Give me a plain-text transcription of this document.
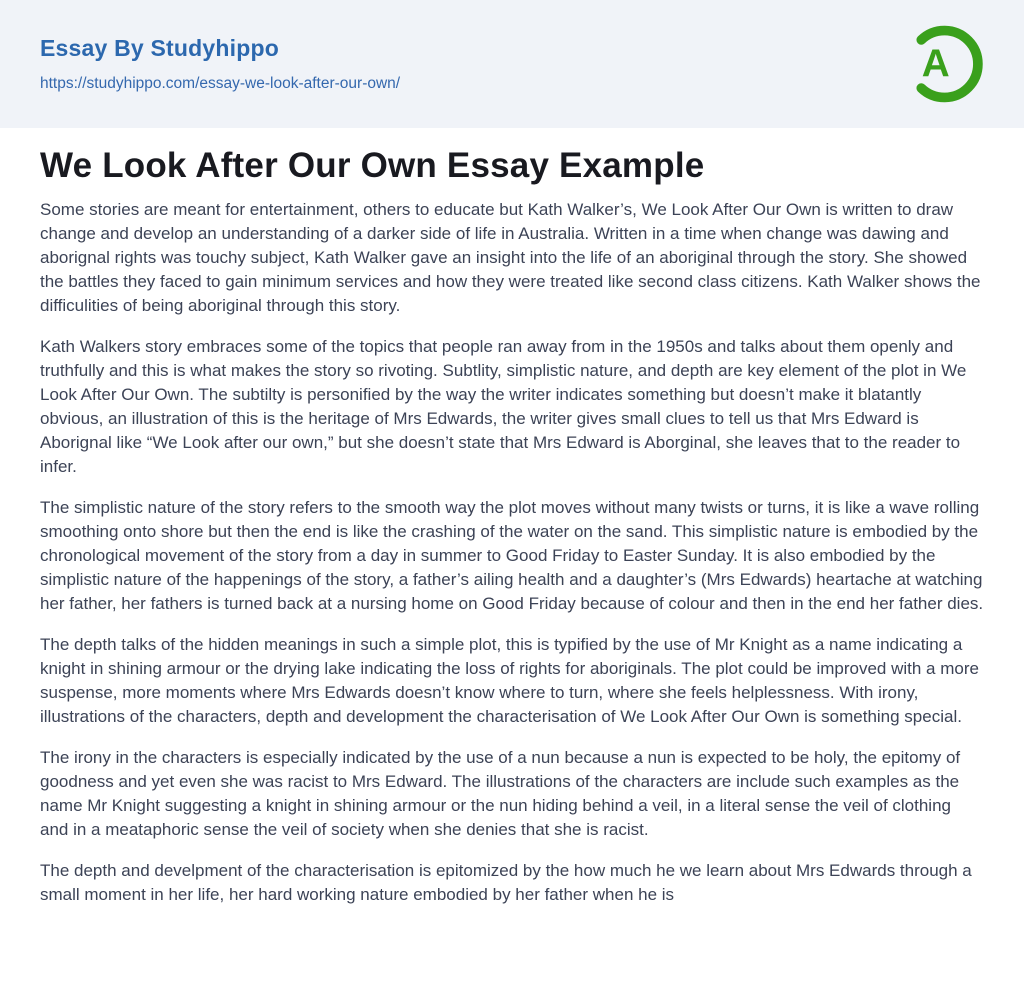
Essay By Studyhippo
https://studyhippo.com/essay-we-look-after-our-own/	A
We Look After Our Own Essay Example

Some stories are meant for entertainment, others to educate but Kath Walker’s, We Look After Our Own is written to draw change and develop an understanding of a darker side of life in Australia. Written in a time when change was dawing and aborignal rights was touchy subject, Kath Walker gave an insight into the life of an aboriginal through the story. She showed the battles they faced to gain minimum services and how they were treated like second class citizens. Kath Walker shows the difficulities of being aboriginal through this story.

Kath Walkers story embraces some of the topics that people ran away from in the 1950s and talks about them openly and truthfully and this is what makes the story so rivoting. Subtlity, simplistic nature, and depth are key element of the plot in We Look After Our Own. The subtilty is personified by the way the writer indicates something but doesn’t make it blatantly obvious, an illustration of this is the heritage of Mrs Edwards, the writer gives small clues to tell us that Mrs Edward is Aborignal like “We Look after our own,” but she doesn’t state that Mrs Edward is Aborginal, she leaves that to the reader to infer.

The simplistic nature of the story refers to the smooth way the plot moves without many twists or turns, it is like a wave rolling smoothing onto shore but then the end is like the crashing of the water on the sand. This simplistic nature is embodied by the chronological movement of the story from a day in summer to Good Friday to Easter Sunday. It is also embodied by the simplistic nature of the happenings of the story, a father’s ailing health and a daughter’s (Mrs Edwards) heartache at watching her father, her fathers is turned back at a nursing home on Good Friday because of colour and then in the end her father dies.

The depth talks of the hidden meanings in such a simple plot, this is typified by the use of Mr Knight as a name indicating a knight in shining armour or the drying lake indicating the loss of rights for aboriginals. The plot could be improved with a more suspense, more moments where Mrs Edwards doesn’t know where to turn, where she feels helplessness. With irony, illustrations of the characters, depth and development the characterisation of We Look After Our Own is something special.

The irony in the characters is especially indicated by the use of a nun because a nun is expected to be holy, the epitomy of goodness and yet even she was racist to Mrs Edward. The illustrations of the characters are include such examples as the name Mr Knight suggesting a knight in shining armour or the nun hiding behind a veil, in a literal sense the veil of clothing and in a meataphoric sense the veil of society when she denies that she is racist.

The depth and develpment of the characterisation is epitomized by the how much he we learn about Mrs Edwards through a small moment in her life, her hard working nature embodied by her father when he is
